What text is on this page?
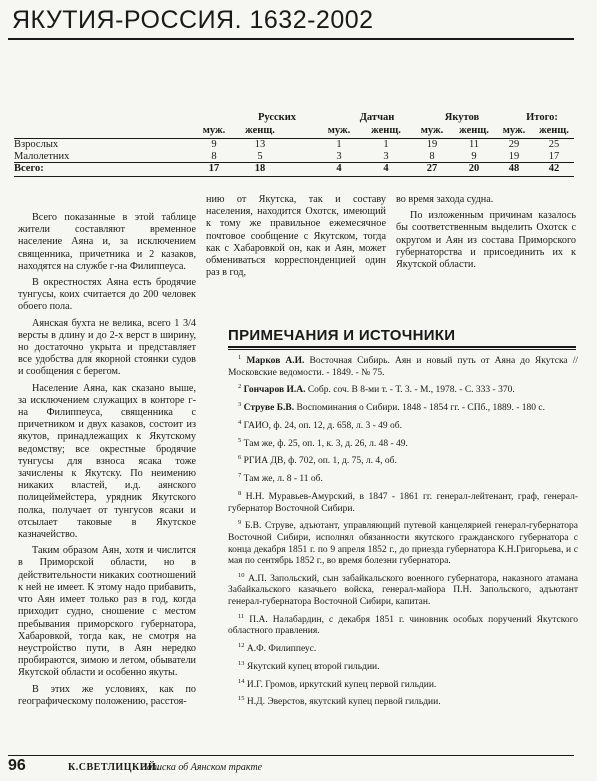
ЯКУТИЯ-РОССИЯ. 1632-2002
Русских	Датчан	Якутов	Итого:
муж.	женщ.	муж.	женщ.	муж.	женщ.	муж.	женщ.
Взрослых	9	13	1	1	19	11	29	25
Малолетних	8	5	3	3	8	9	19	17
Всего:	17	18	4	4	27	20	48	42

Всего показанные в этой таблице жители составляют временное население Аяна и, за исключением священника, причетника и 2 казаков, находятся на службе г-на Филиппеуса.

В окрестностях Аяна есть бродячие тунгусы, коих считается до 200 человек обоего пола.

Аянская бухта не велика, всего 1 3/4 версты в длину и до 2-х верст в ширину, но достаточно укрыта и представляет все удобства для якорной стоянки судов и сообщения с берегом.

Население Аяна, как сказано выше, за исключением служащих в конторе г-на Филиппеуса, священника с причетником и двух казаков, состоит из якутов, принадлежащих к Якутскому ведомству; все окрестные бродячие тунгусы для взноса ясака тоже зачислены к Якутску. По неимению никаких властей, и.д. аянского полицеймейстера, урядник Якутского полка, получает от тунгусов ясаки и отсылает таковые в Якутское казначейство.

Таким образом Аян, хотя и числится в Приморской области, но в действительности никаких соотношений к ней не имеет. К этому надо прибавить, что Аян имеет только раз в год, когда приходит судно, сношение с местом пребывания приморского губернатора, Хабаровкой, тогда как, не смотря на неустройство пути, в Аян нередко пробираются, зимою и летом, обыватели Якутской области и особенно якуты.

В этих же условиях, как по географическому положению, расстоя-

нию от Якутска, так и составу населения, находится Охотск, имеющий к тому же правильное ежемесячное почтовое сообщение с Якутском, тогда как с Хабаровкой он, как и Аян, может обмениваться корреспонденцией один раз в год,

во время захода судна.

По изложенным причинам казалось бы соответственным выделить Охотск с округом и Аян из состава Приморского губернаторства и присоединить их к Якутской области.

ПРИМЕЧАНИЯ И ИСТОЧНИКИ
$^1$ Марков А.И. Восточная Сибирь. Аян и новый путь от Аяна до Якутска // Московские ведомости. - 1849. - № 75.
$^2$ Гончаров И.А. Собр. соч. В 8-ми т. - Т. 3. - М., 1978. - С. 333 - 370.
$^3$ Струве Б.В. Воспоминания о Сибири. 1848 - 1854 гг. - СПб., 1889. - 180 с.
$^4$ ГАИО, ф. 24, оп. 12, д. 658, л. 3 - 49 об.
$^5$ Там же, ф. 25, оп. 1, к. 3, д. 26, л. 48 - 49.
$^6$ РГИА ДВ, ф. 702, оп. 1, д. 75, л. 4, об.
$^7$ Там же, л. 8 - 11 об.
$^8$ Н.Н. Муравьев-Амурский, в 1847 - 1861 гг. генерал-лейтенант, граф, генерал-губернатор Восточной Сибири.
$^9$ Б.В. Струве, адъютант, управляющий путевой канцелярией генерал-губернатора Восточной Сибири, исполнял обязанности якутского гражданского губернатора с конца декабря 1851 г. по 9 апреля 1852 г., до приезда губернатора К.Н.Григорьева, и с мая по сентябрь 1852 г., во время болезни губернатора.
$^{10}$ А.П. Запольский, сын забайкальского военного губернатора, наказного атамана Забайкальского казачьего войска, генерал-майора П.Н. Запольского, адъютант генерал-губернатора Восточной Сибири, капитан.
$^{11}$ П.А. Налабардин, с декабря 1851 г. чиновник особых поручений Якутского областного правления.
$^{12}$ А.Ф. Филиппеус.
$^{13}$ Якутский купец второй гильдии.
$^{14}$ И.Г. Громов, иркутский купец первой гильдии.
$^{15}$ Н.Д. Эверстов, якутский купец первой гильдии.
96	К.СВЕТЛИЦКИЙ.
Записка об Аянском тракте
